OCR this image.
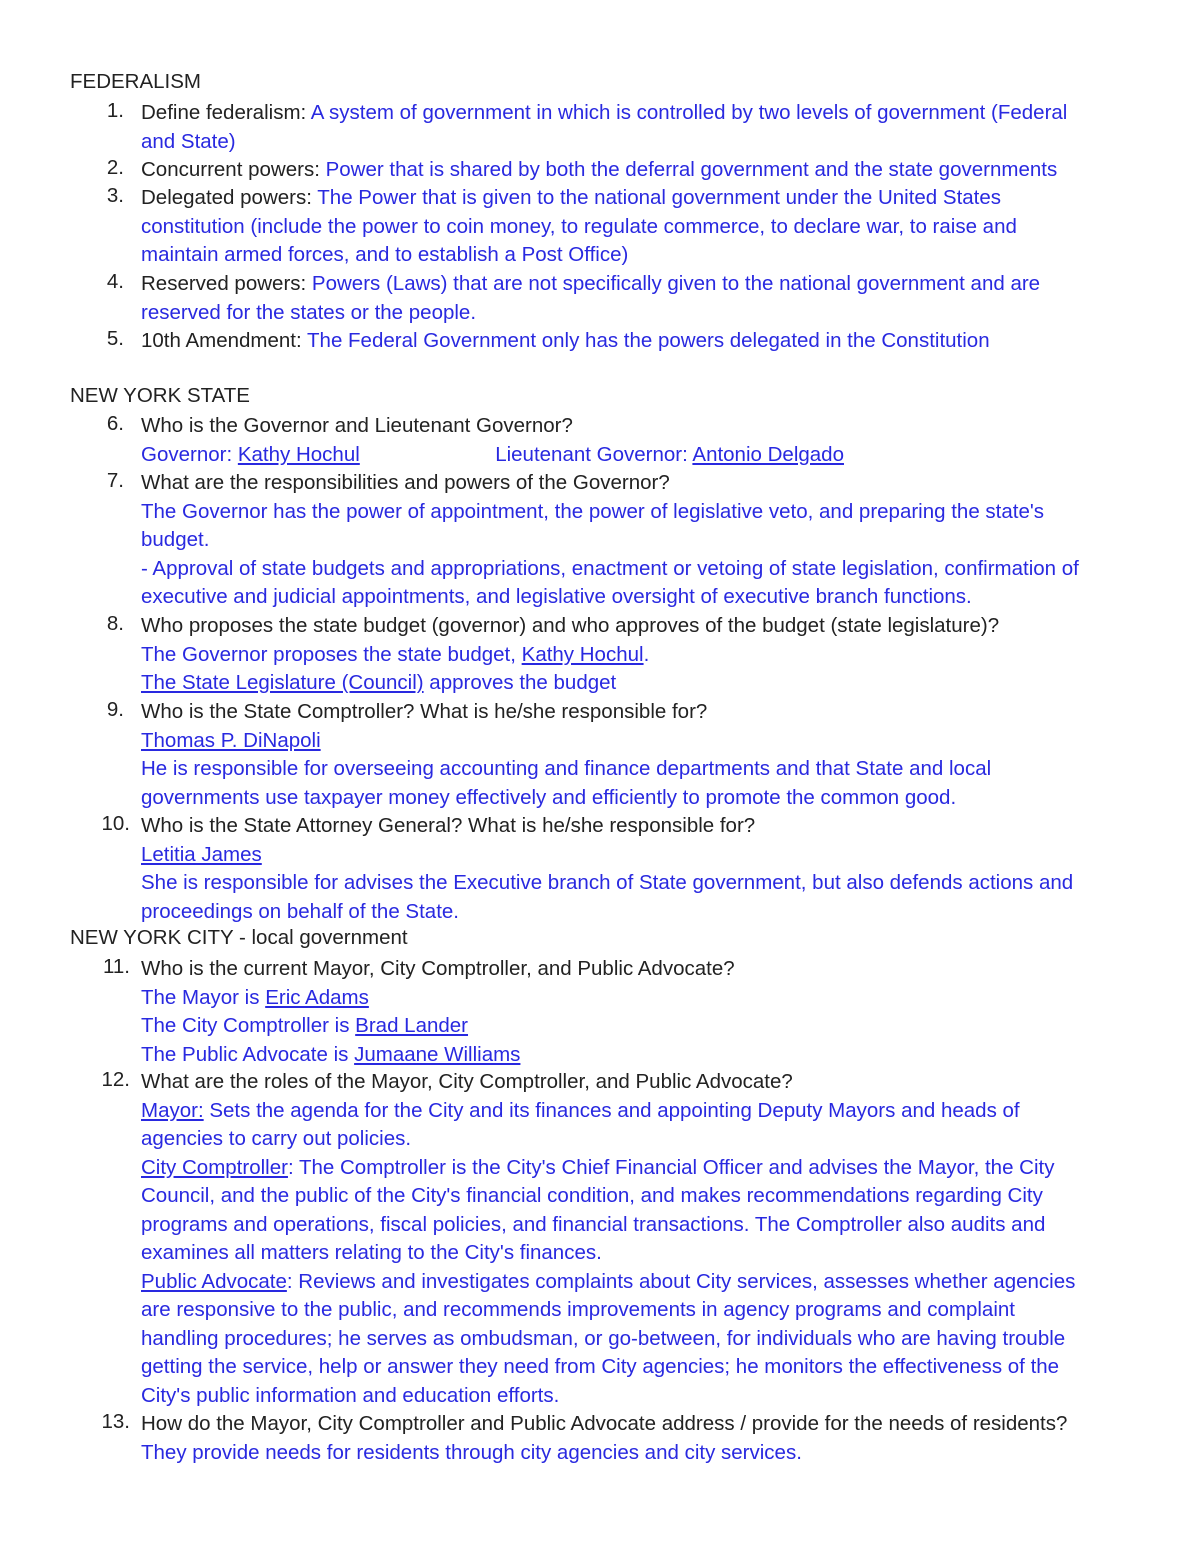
FEDERALISM
1. Define federalism: A system of government in which is controlled by two levels of government (Federal
and State)
2. Concurrent powers: Power that is shared by both the deferral government and the state governments
3. Delegated powers: The Power that is given to the national government under the United States
constitution (include the power to coin money, to regulate commerce, to declare war, to raise and
maintain armed forces, and to establish a Post Office)
4. Reserved powers: Powers (Laws) that are not specifically given to the national government and are
reserved for the states or the people.
5. 10th Amendment: The Federal Government only has the powers delegated in the Constitution
NEW YORK STATE
6. Who is the Governor and Lieutenant Governor?
Governor: Kathy Hochul	Lieutenant Governor: Antonio Delgado
7. What are the responsibilities and powers of the Governor?
The Governor has the power of appointment, the power of legislative veto, and preparing the state's
budget.
- Approval of state budgets and appropriations, enactment or vetoing of state legislation, confirmation of
executive and judicial appointments, and legislative oversight of executive branch functions.
8. Who proposes the state budget (governor) and who approves of the budget (state legislature)?
The Governor proposes the state budget, Kathy Hochul.
The State Legislature (Council) approves the budget
9. Who is the State Comptroller? What is he/she responsible for?
Thomas P. DiNapoli
He is responsible for overseeing accounting and finance departments and that State and local
governments use taxpayer money effectively and efficiently to promote the common good.
10. Who is the State Attorney General? What is he/she responsible for?
Letitia James
She is responsible for advises the Executive branch of State government, but also defends actions and
proceedings on behalf of the State.
NEW YORK CITY - local government
11. Who is the current Mayor, City Comptroller, and Public Advocate?
The Mayor is Eric Adams
The City Comptroller is Brad Lander
The Public Advocate is Jumaane Williams
12. What are the roles of the Mayor, City Comptroller, and Public Advocate?
Mayor: Sets the agenda for the City and its finances and appointing Deputy Mayors and heads of
agencies to carry out policies.
City Comptroller: The Comptroller is the City's Chief Financial Officer and advises the Mayor, the City
Council, and the public of the City's financial condition, and makes recommendations regarding City
programs and operations, fiscal policies, and financial transactions. The Comptroller also audits and
examines all matters relating to the City's finances.
Public Advocate: Reviews and investigates complaints about City services, assesses whether agencies
are responsive to the public, and recommends improvements in agency programs and complaint
handling procedures; he serves as ombudsman, or go-between, for individuals who are having trouble
getting the service, help or answer they need from City agencies; he monitors the effectiveness of the
City's public information and education efforts.
13. How do the Mayor, City Comptroller and Public Advocate address / provide for the needs of residents?
They provide needs for residents through city agencies and city services.
